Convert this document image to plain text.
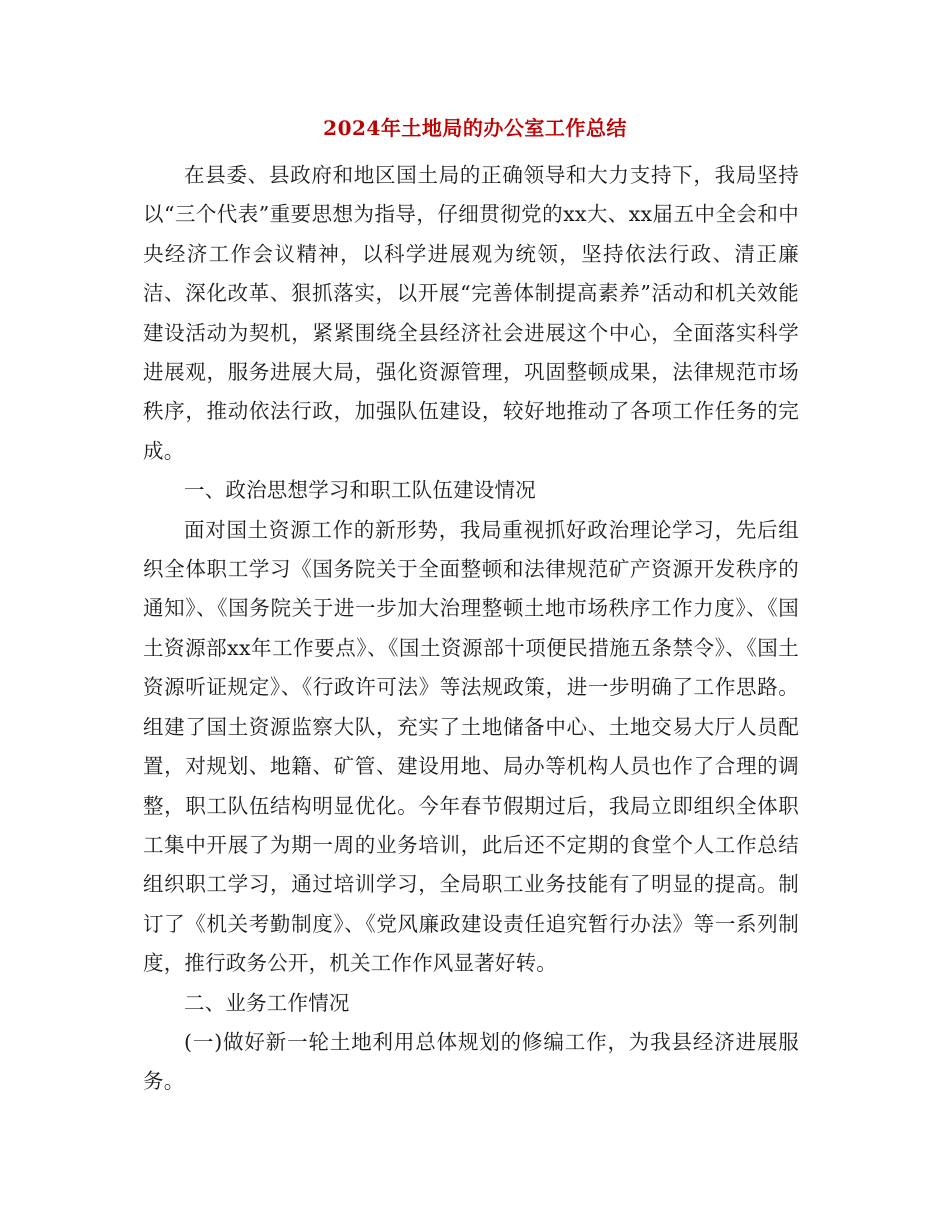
2024年土地局的办公室工作总结

在县委、县政府和地区国土局的正确领导和大力支持下，我局坚持以“三个代表”重要思想为指导，仔细贯彻党的xx大、xx届五中全会和中央经济工作会议精神，以科学进展观为统领，坚持依法行政、清正廉洁、深化改革、狠抓落实，以开展“完善体制提高素养”活动和机关效能建设活动为契机，紧紧围绕全县经济社会进展这个中心，全面落实科学进展观，服务进展大局，强化资源管理，巩固整顿成果，法律规范市场秩序，推动依法行政，加强队伍建设，较好地推动了各项工作任务的完成。

一、政治思想学习和职工队伍建设情况

面对国土资源工作的新形势，我局重视抓好政治理论学习，先后组织全体职工学习《国务院关于全面整顿和法律规范矿产资源开发秩序的通知》、《国务院关于进一步加大治理整顿土地市场秩序工作力度》、《国土资源部xx年工作要点》、《国土资源部十项便民措施五条禁令》、《国土资源听证规定》、《行政许可法》等法规政策，进一步明确了工作思路。组建了国土资源监察大队，充实了土地储备中心、土地交易大厅人员配置，对规划、地籍、矿管、建设用地、局办等机构人员也作了合理的调整，职工队伍结构明显优化。今年春节假期过后，我局立即组织全体职工集中开展了为期一周的业务培训，此后还不定期的食堂个人工作总结组织职工学习，通过培训学习，全局职工业务技能有了明显的提高。制订了《机关考勤制度》、《党风廉政建设责任追究暂行办法》等一系列制度，推行政务公开，机关工作作风显著好转。

二、业务工作情况

(一)做好新一轮土地利用总体规划的修编工作，为我县经济进展服务。
